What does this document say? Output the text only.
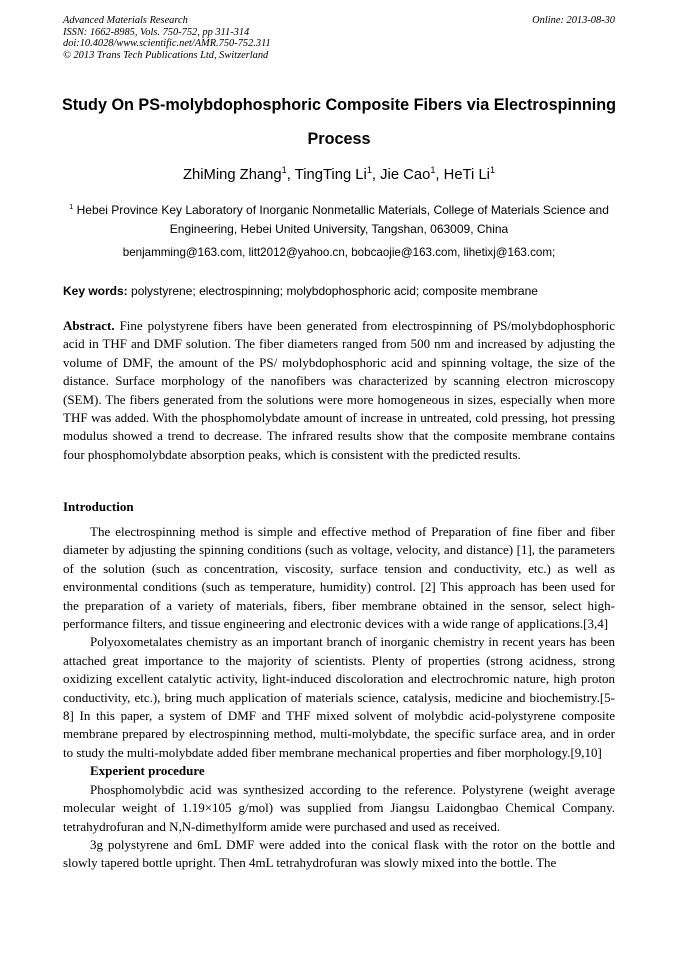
Advanced Materials Research
ISSN: 1662-8985, Vols. 750-752, pp 311-314
doi:10.4028/www.scientific.net/AMR.750-752.311
© 2013 Trans Tech Publications Ltd, Switzerland
Online: 2013-08-30
Study On PS-molybdophosphoric Composite Fibers via Electrospinning Process
ZhiMing Zhang$^1$, TingTing Li$^1$, Jie Cao$^1$, HeTi Li$^1$
$^1$ Hebei Province Key Laboratory of Inorganic Nonmetallic Materials, College of Materials Science and Engineering, Hebei United University, Tangshan, 063009, China
benjamming@163.com, litt2012@yahoo.cn, bobcaojie@163.com, lihetixj@163.com;
Key words: polystyrene; electrospinning; molybdophosphoric acid; composite membrane
Abstract. Fine polystyrene fibers have been generated from electrospinning of PS/molybdophosphoric acid in THF and DMF solution. The fiber diameters ranged from 500 nm and increased by adjusting the volume of DMF, the amount of the PS/ molybdophosphoric acid and spinning voltage, the size of the distance. Surface morphology of the nanofibers was characterized by scanning electron microscopy (SEM). The fibers generated from the solutions were more homogeneous in sizes, especially when more THF was added. With the phosphomolybdate amount of increase in untreated, cold pressing, hot pressing modulus showed a trend to decrease. The infrared results show that the composite membrane contains four phosphomolybdate absorption peaks, which is consistent with the predicted results.
Introduction

The electrospinning method is simple and effective method of Preparation of fine fiber and fiber diameter by adjusting the spinning conditions (such as voltage, velocity, and distance) [1], the parameters of the solution (such as concentration, viscosity, surface tension and conductivity, etc.) as well as environmental conditions (such as temperature, humidity) control. [2] This approach has been used for the preparation of a variety of materials, fibers, fiber membrane obtained in the sensor, select high-performance filters, and tissue engineering and electronic devices with a wide range of applications.[3,4]

Polyoxometalates chemistry as an important branch of inorganic chemistry in recent years has been attached great importance to the majority of scientists. Plenty of properties (strong acidness, strong oxidizing excellent catalytic activity, light-induced discoloration and electrochromic nature, high proton conductivity, etc.), bring much application of materials science, catalysis, medicine and biochemistry.[5-8] In this paper, a system of DMF and THF mixed solvent of molybdic acid-polystyrene composite membrane prepared by electrospinning method, multi-molybdate, the specific surface area, and in order to study the multi-molybdate added fiber membrane mechanical properties and fiber morphology.[9,10]

Experient procedure

Phosphomolybdic acid was synthesized according to the reference. Polystyrene (weight average molecular weight of 1.19×105 g/mol) was supplied from Jiangsu Laidongbao Chemical Company. tetrahydrofuran and N,N-dimethylform amide were purchased and used as received.

3g polystyrene and 6mL DMF were added into the conical flask with the rotor on the bottle and slowly tapered bottle upright. Then 4mL tetrahydrofuran was slowly mixed into the bottle. The
